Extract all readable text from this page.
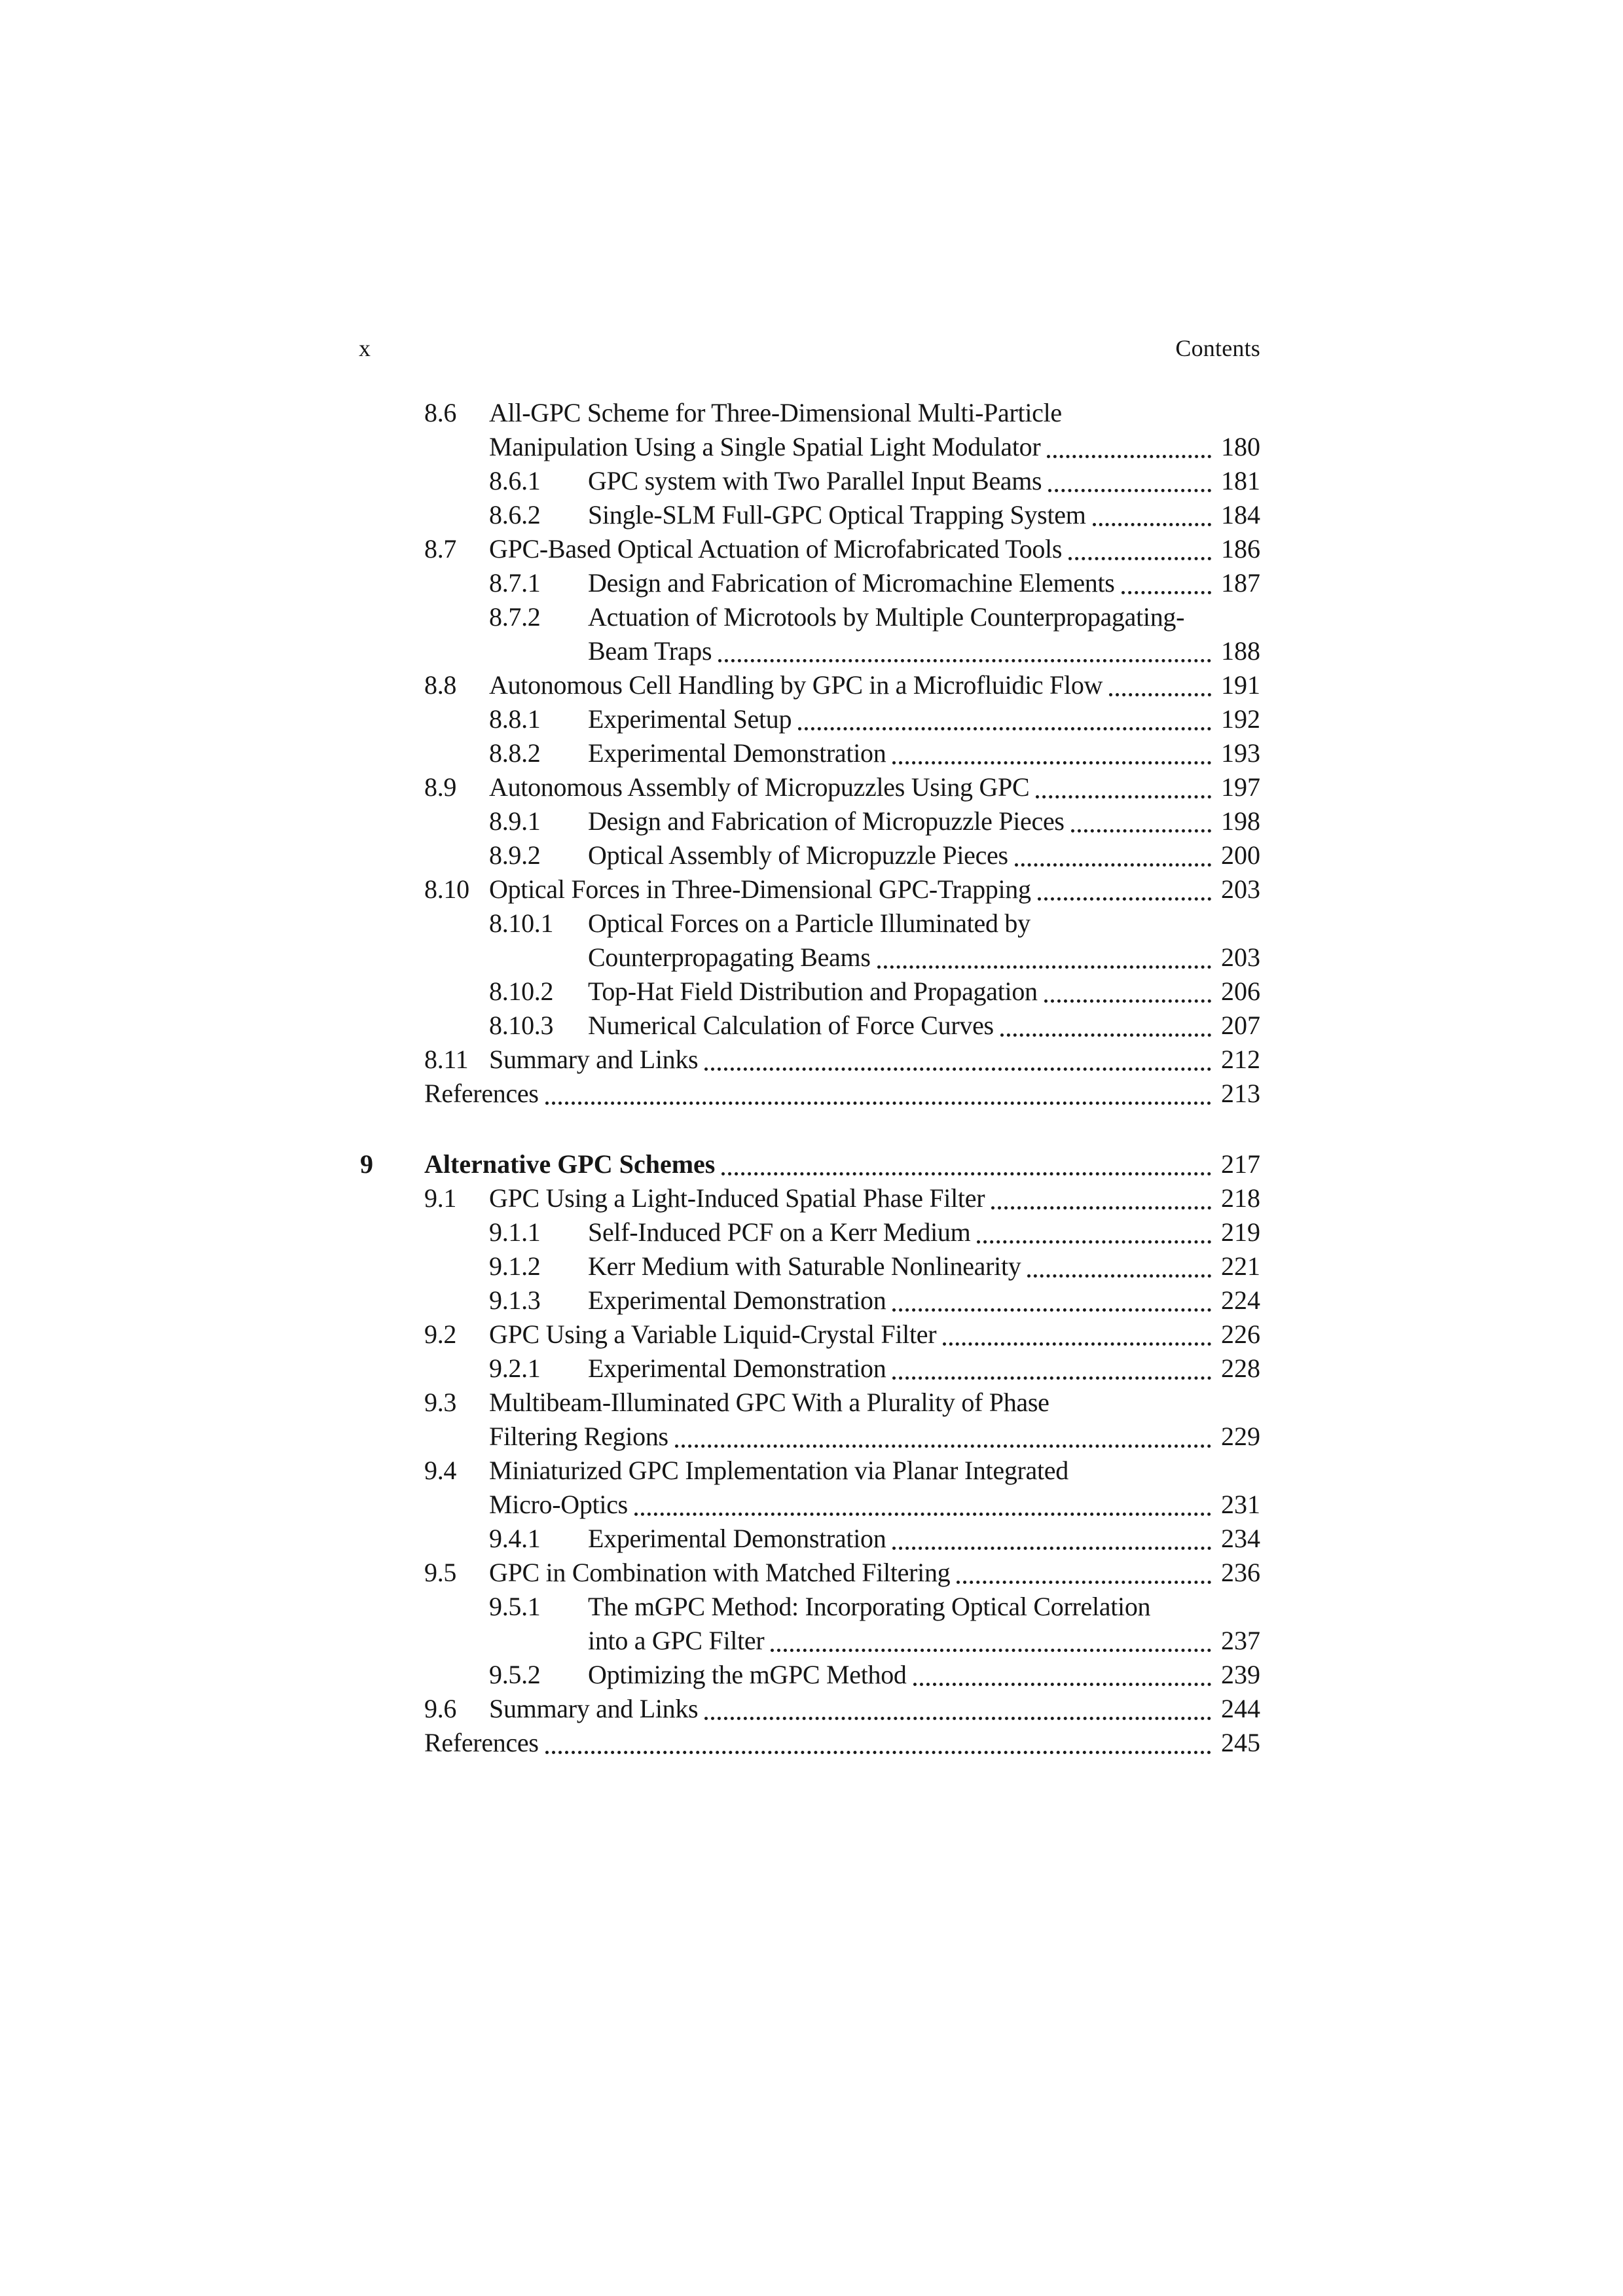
x	Contents
8.6	All-GPC Scheme for Three-Dimensional Multi-Particle
Manipulation Using a Single Spatial Light Modulator	180
8.6.1	GPC system with Two Parallel Input Beams	181
8.6.2	Single-SLM Full-GPC Optical Trapping System	184
8.7	GPC-Based Optical Actuation of Microfabricated Tools	186
8.7.1	Design and Fabrication of Micromachine Elements	187
8.7.2	Actuation of Microtools by Multiple Counterpropagating-
Beam Traps	188
8.8	Autonomous Cell Handling by GPC in a Microfluidic Flow	191
8.8.1	Experimental Setup	192
8.8.2	Experimental Demonstration	193
8.9	Autonomous Assembly of Micropuzzles Using GPC	197
8.9.1	Design and Fabrication of Micropuzzle Pieces	198
8.9.2	Optical Assembly of Micropuzzle Pieces	200
8.10 Optical Forces in Three-Dimensional GPC-Trapping	203
8.10.1	Optical Forces on a Particle Illuminated by
Counterpropagating Beams	203
8.10.2	Top-Hat Field Distribution and Propagation	206
8.10.3	Numerical Calculation of Force Curves	207
8.11 Summary and Links	212
References	213
9	Alternative GPC Schemes	217
9.1	GPC Using a Light-Induced Spatial Phase Filter	218
9.1.1	Self-Induced PCF on a Kerr Medium	219
9.1.2	Kerr Medium with Saturable Nonlinearity	221
9.1.3	Experimental Demonstration	224
9.2	GPC Using a Variable Liquid-Crystal Filter	226
9.2.1	Experimental Demonstration	228
9.3	Multibeam-Illuminated GPC With a Plurality of Phase
Filtering Regions	229
9.4	Miniaturized GPC Implementation via Planar Integrated
Micro-Optics	231
9.4.1	Experimental Demonstration	234
9.5	GPC in Combination with Matched Filtering	236
9.5.1	The mGPC Method: Incorporating Optical Correlation
into a GPC Filter	237
9.5.2	Optimizing the mGPC Method	239
9.6	Summary and Links	244
References	245
